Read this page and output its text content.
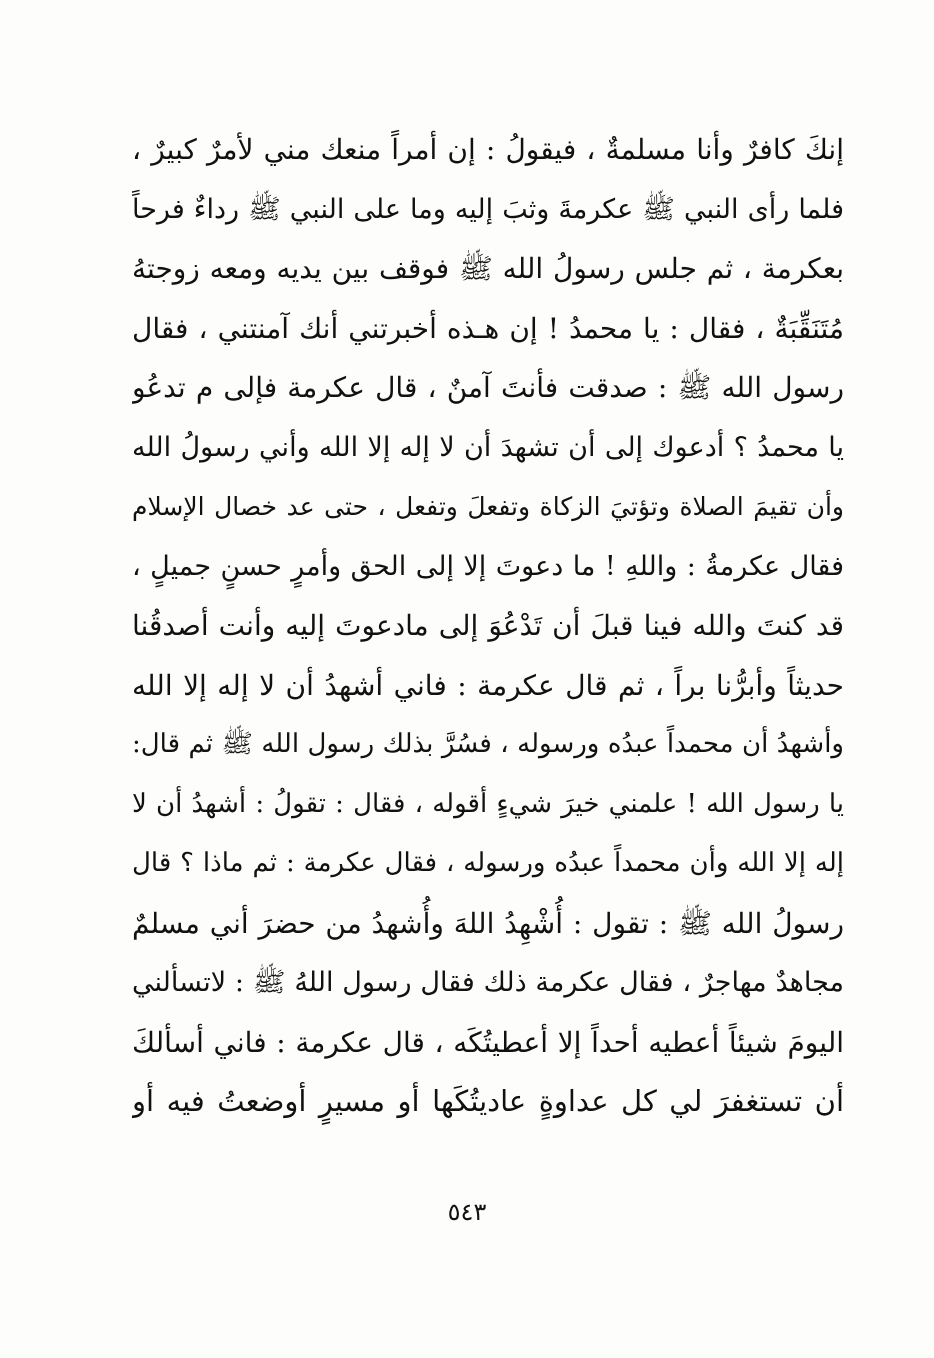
إنكَ كافرٌ وأنا مسلمةٌ ، فيقولُ : إن أمراً منعك مني لأمرٌ كبيرٌ ،
فلما رأى النبي ﷺ عكرمةَ وثبَ إليه وما على النبي ﷺ رداءٌ فرحاً
بعكرمة ، ثم جلس رسولُ الله ﷺ فوقف بين يديه ومعه زوجتهُ
مُتَنَقِّبَةٌ ، فقال : يا محمدُ ! إن هـذه أخبرتني أنك آمنتني ، فقال
رسول الله ﷺ : صدقت فأنتَ آمنٌ ، قال عكرمة فإلى م تدعُو
يا محمدُ ؟ أدعوك إلى أن تشهدَ أن لا إله إلا الله وأني رسولُ الله
وأن تقيمَ الصلاة وتؤتيَ الزكاة وتفعلَ وتفعل ، حتى عد خصال الإسلام
فقال عكرمةُ : واللهِ ! ما دعوتَ إلا إلى الحق وأمرٍ حسنٍ جميلٍ ،
قد كنتَ والله فينا قبلَ أن تَدْعُوَ إلى مادعوتَ إليه وأنت أصدقُنا
حديثاً وأبرُّنا براً ، ثم قال عكرمة : فاني أشهدُ أن لا إله إلا الله
وأشهدُ أن محمداً عبدُه ورسوله ، فسُرَّ بذلك رسول الله ﷺ ثم قال:
يا رسول الله ! علمني خيرَ شيءٍ أقوله ، فقال : تقولُ : أشهدُ أن لا
إله إلا الله وأن محمداً عبدُه ورسوله ، فقال عكرمة : ثم ماذا ؟ قال
رسولُ الله ﷺ : تقول : أُشْهِدُ اللهَ وأُشهدُ من حضرَ أني مسلمٌ
مجاهدٌ مهاجرٌ ، فقال عكرمة ذلك فقال رسول اللهُ ﷺ : لاتسألني
اليومَ شيئاً أعطيه أحداً إلا أعطيتُكَه ، قال عكرمة : فاني أسألكَ
أن تستغفرَ لي كل عداوةٍ عاديتُكَها أو مسيرٍ أوضعتُ فيه أو
٥٤٣
